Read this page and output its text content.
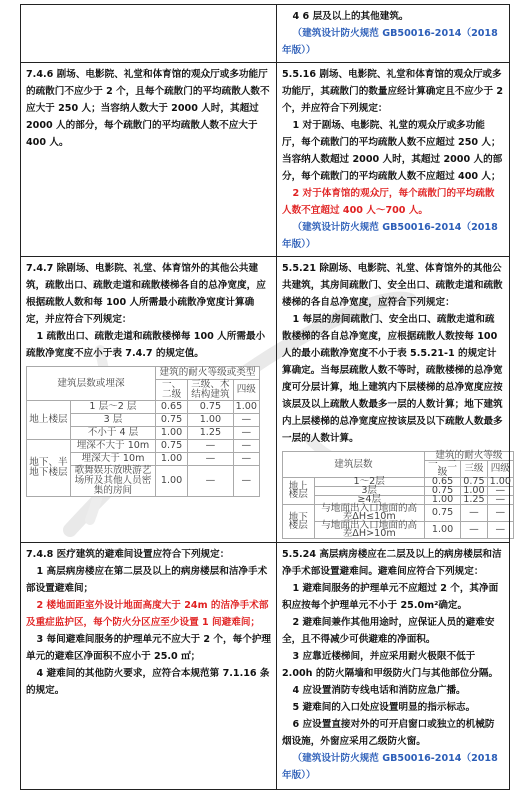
4 6 层及以上的其他建筑。

（建筑设计防火规范 GB50016-2014（2018 年版））

7.4.6 剧场、电影院、礼堂和体育馆的观众厅或多功能厅的疏散门不应少于 2 个，且每个疏散门的平均疏散人数不应大于 250 人；当容纳人数大于 2000 人时，其超过 2000 人的部分，每个疏散门的平均疏散人数不应大于 400 人。

5.5.16 剧场、电影院、礼堂和体育馆的观众厅或多功能厅，其疏散门的数量应经计算确定且不应少于 2 个，并应符合下列规定：

1 对于剧场、电影院、礼堂的观众厅或多功能厅，每个疏散门的平均疏散人数不应超过 250 人；当容纳人数超过 2000 人时，其超过 2000 人的部分，每个疏散门的平均疏散人数不应超过 400 人；

2 对于体育馆的观众厅，每个疏散门的平均疏散人数不宜超过 400 人～700 人。

（建筑设计防火规范 GB50016-2014（2018 年版））

7.4.7 除剧场、电影院、礼堂、体育馆外的其他公共建筑，疏散出口、疏散走道和疏散楼梯各自的总净宽度，应根据疏散人数和每 100 人所需最小疏散净宽度计算确定，并应符合下列规定：

1 疏散出口、疏散走道和疏散楼梯每 100 人所需最小疏散净宽度不应小于表 7.4.7 的规定值。

建筑层数或埋深	建筑的耐火等级或类型
一、二级	三级、木结构建筑	四级
地上楼层	1 层～2 层	0.65	0.75	1.00
3 层	0.75	1.00	—
不小于 4 层	1.00	1.25	—
地下、半地下楼层	埋深不大于 10m	0.75	—	—
埋深大于 10m	1.00	—	—
歌舞娱乐放映游艺场所及其他人员密集的房间	1.00	—	—

5.5.21 除剧场、电影院、礼堂、体育馆外的其他公共建筑，其房间疏散门、安全出口、疏散走道和疏散楼梯的各自总净宽度，应符合下列规定：

1 每层的房间疏散门、安全出口、疏散走道和疏散楼梯的各自总净宽度，应根据疏散人数按每 100 人的最小疏散净宽度不小于表 5.5.21-1 的规定计算确定。当每层疏散人数不等时，疏散楼梯的总净宽度可分层计算，地上建筑内下层楼梯的总净宽度应按该层及以上疏散人数最多一层的人数计算；地下建筑内上层楼梯的总净宽度应按该层及以下疏散人数最多一层的人数计算。

建筑层数	建筑的耐火等级
一、二级	三级	四级
地上楼层	1～2层	0.65	0.75	1.00
3层	0.75	1.00	—
≥4层	1.00	1.25	—
地下楼层	与地面出入口地面的高差ΔH≤10m	0.75	—	—
与地面出入口地面的高差ΔH>10m	1.00	—	—

7.4.8 医疗建筑的避难间设置应符合下列规定：

1 高层病房楼应在第二层及以上的病房楼层和洁净手术部设置避难间；

2 楼地面距室外设计地面高度大于 24m 的洁净手术部及重症监护区，每个防火分区应至少设置 1 间避难间；

3 每间避难间服务的护理单元不应大于 2 个，每个护理单元的避难区净面积不应小于 25.0 ㎡；

4 避难间的其他防火要求，应符合本规范第 7.1.16 条的规定。

5.5.24 高层病房楼应在二层及以上的病房楼层和洁净手术部设置避难间。避难间应符合下列规定：

1 避难间服务的护理单元不应超过 2 个，其净面积应按每个护理单元不小于 25.0m²确定。

2 避难间兼作其他用途时，应保证人员的避难安全，且不得减少可供避难的净面积。

3 应靠近楼梯间，并应采用耐火极限不低于 2.00h 的防火隔墙和甲级防火门与其他部位分隔。

4 应设置消防专线电话和消防应急广播。

5 避难间的入口处应设置明显的指示标志。

6 应设置直接对外的可开启窗口或独立的机械防烟设施，外窗应采用乙级防火窗。

（建筑设计防火规范 GB50016-2014（2018 年版））
